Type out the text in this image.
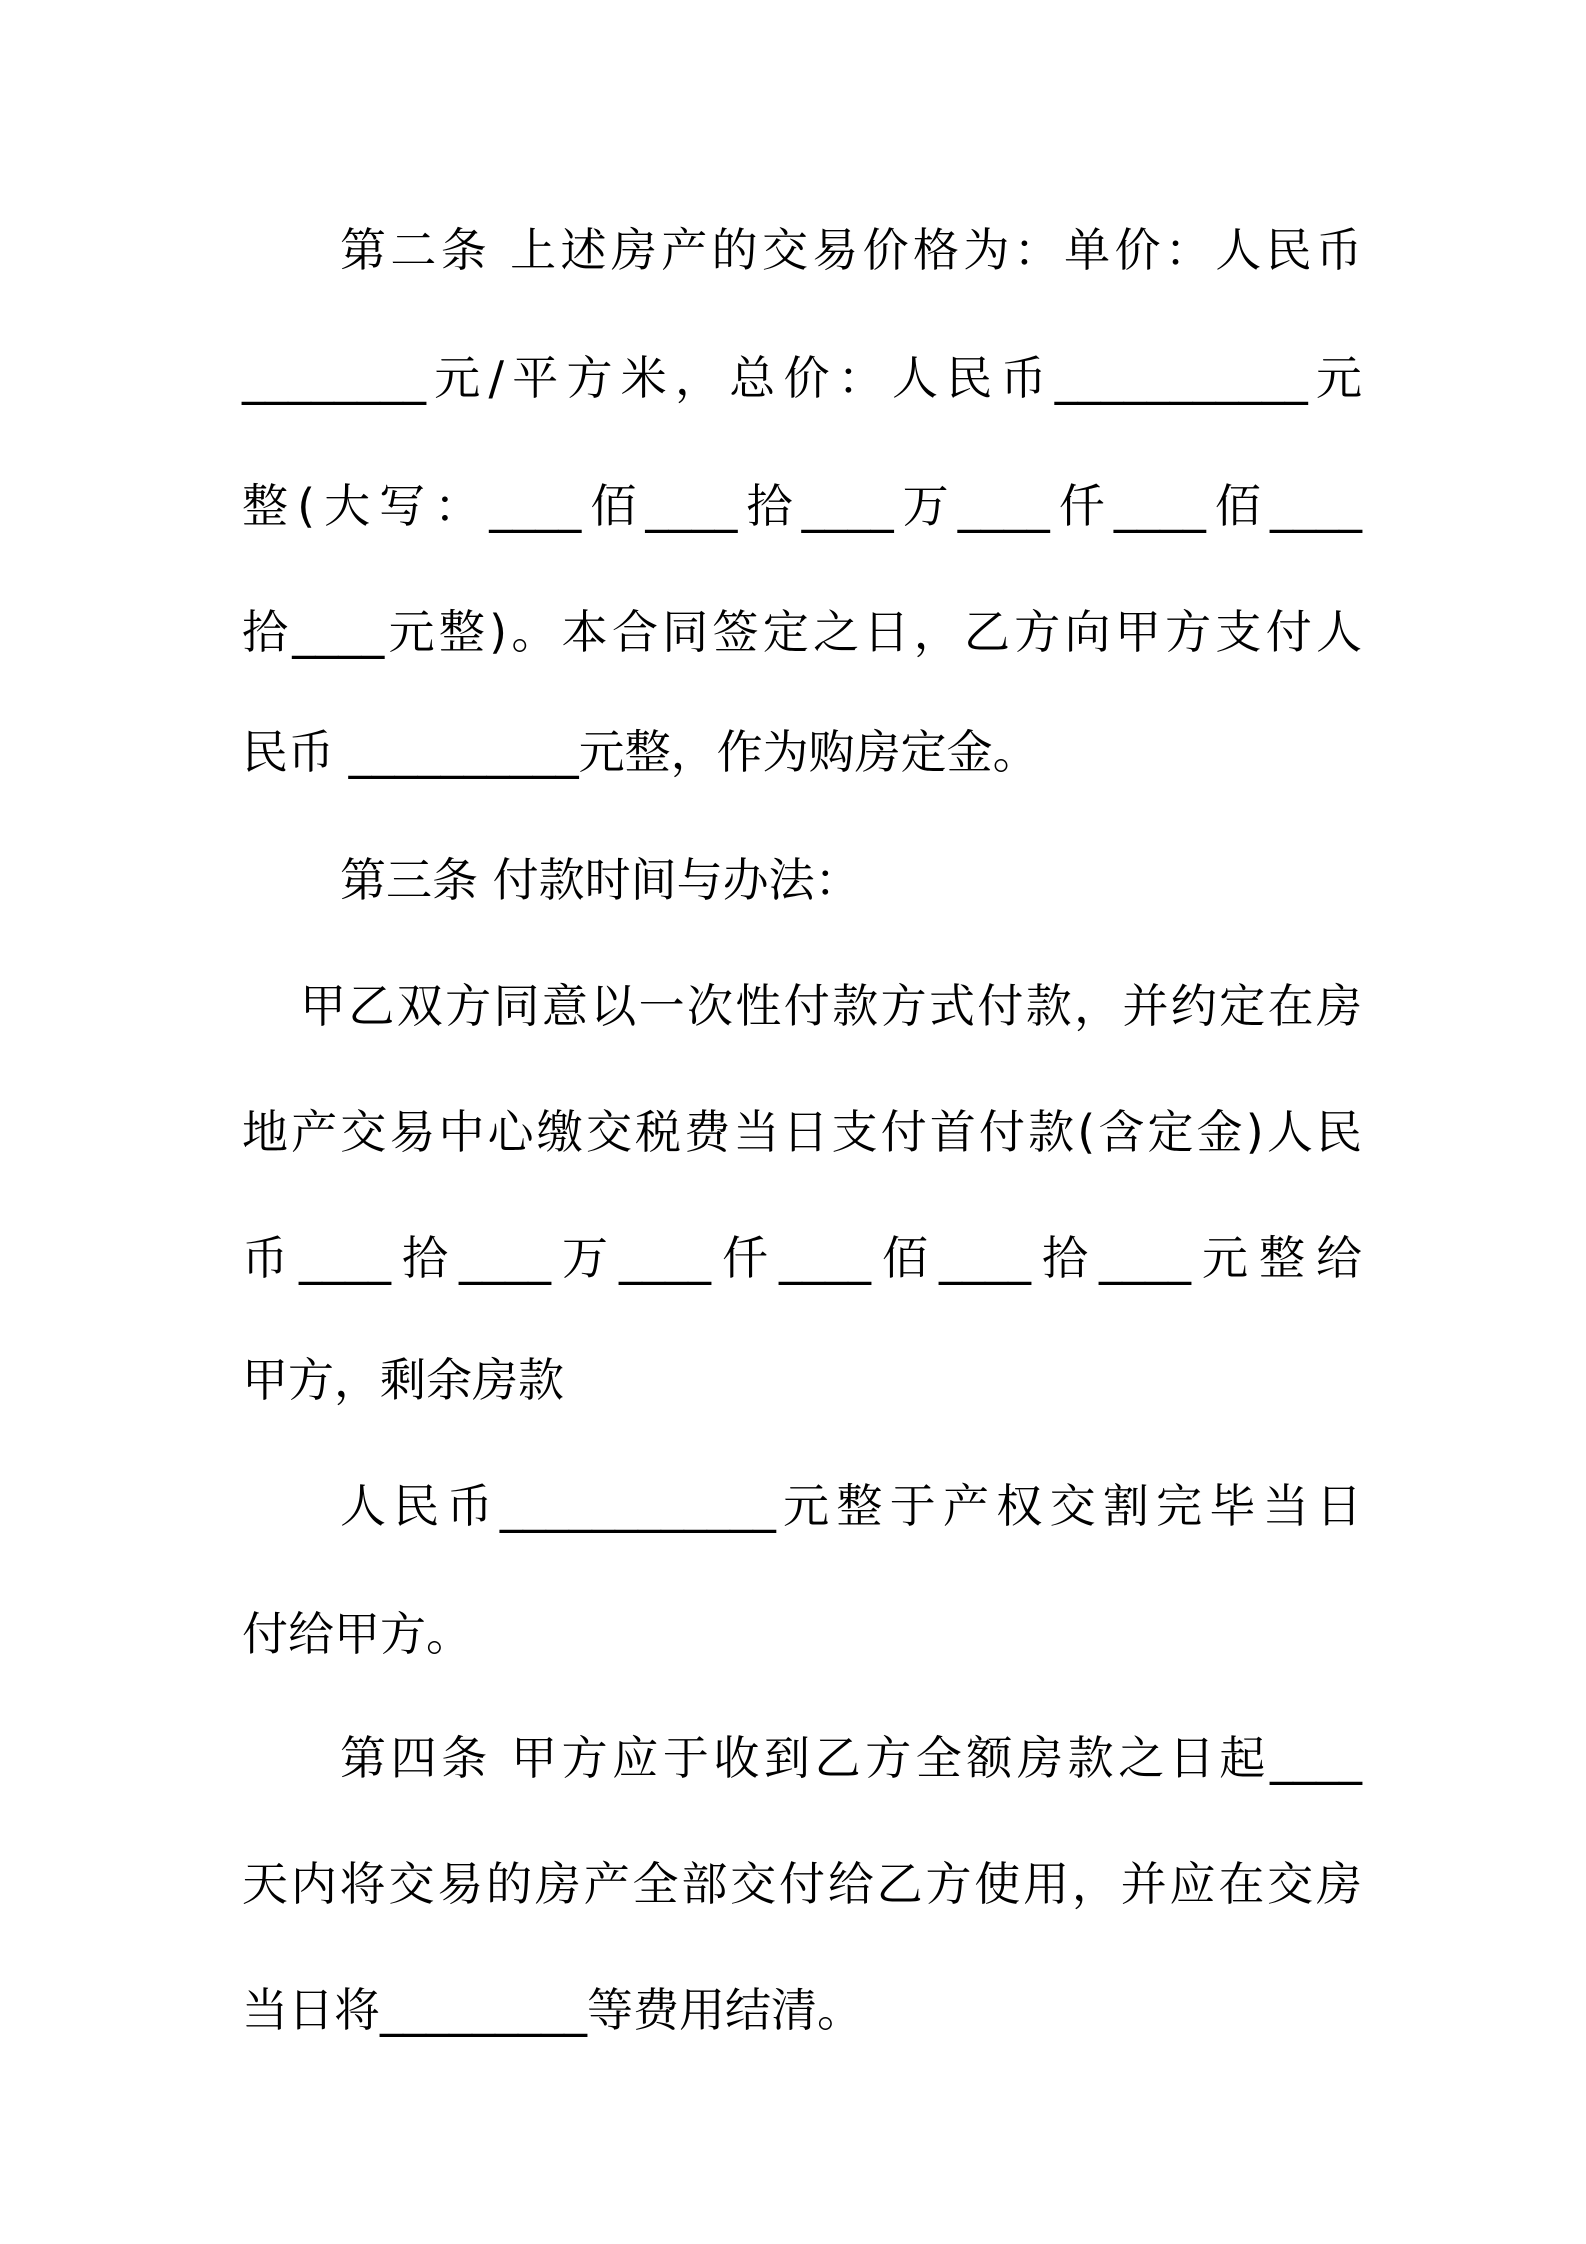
第二条 上述房产的交易价格为：单价：人民币
________元/平方米，总价：人民币___________元
整(大写：____佰____拾____万____仟____佰____
拾____元整)。本合同签定之日，乙方向甲方支付人
民币 __________元整，作为购房定金。
第三条 付款时间与办法：
甲乙双方同意以一次性付款方式付款，并约定在房
地产交易中心缴交税费当日支付首付款(含定金)人民
币____拾____万____仟____佰____拾____元整给
甲方，剩余房款
人民币____________元整于产权交割完毕当日
付给甲方。
第四条 甲方应于收到乙方全额房款之日起____
天内将交易的房产全部交付给乙方使用，并应在交房
当日将_________等费用结清。
